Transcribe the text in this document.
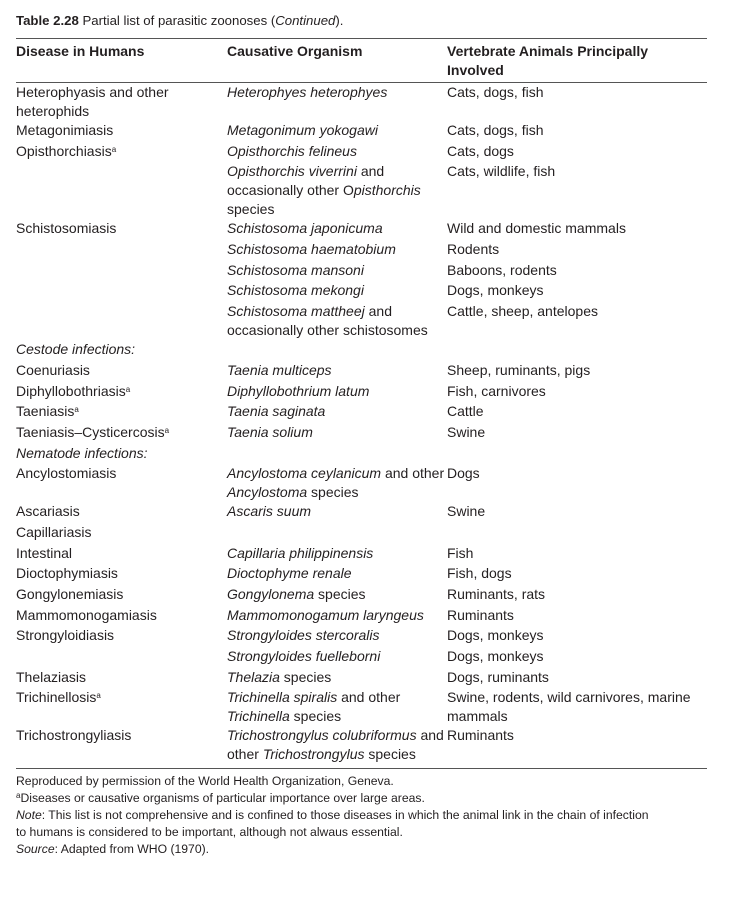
Table 2.28 Partial list of parasitic zoonoses (Continued).
Disease in Humans	Causative Organism	Vertebrate Animals Principally Involved
Heterophyasis and other heterophids	Heterophyes heterophyes	Cats, dogs, fish
Metagonimiasis	Metagonimum yokogawi	Cats, dogs, fish
Opisthorchiasis$^a$	Opisthorchis felineus	Cats, dogs
	Opisthorchis viverrini and occasionally other Opisthorchis species	Cats, wildlife, fish
Schistosomiasis	Schistosoma japonicuma	Wild and domestic mammals
	Schistosoma haematobium	Rodents
	Schistosoma mansoni	Baboons, rodents
	Schistosoma mekongi	Dogs, monkeys
	Schistosoma mattheej and occasionally other schistosomes	Cattle, sheep, antelopes
Cestode infections:		
Coenuriasis	Taenia multiceps	Sheep, ruminants, pigs
Diphyllobothriasis$^a$	Diphyllobothrium latum	Fish, carnivores
Taeniasis$^a$	Taenia saginata	Cattle
Taeniasis–Cysticercosis$^a$	Taenia solium	Swine
Nematode infections:		
Ancylostomiasis	Ancylostoma ceylanicum and other Ancylostoma species	Dogs
Ascariasis	Ascaris suum	Swine
Capillariasis		
Intestinal	Capillaria philippinensis	Fish
Dioctophymiasis	Dioctophyme renale	Fish, dogs
Gongylonemiasis	Gongylonema species	Ruminants, rats
Mammomonogamiasis	Mammomonogamum laryngeus	Ruminants
Strongyloidiasis	Strongyloides stercoralis	Dogs, monkeys
	Strongyloides fuelleborni	Dogs, monkeys
Thelaziasis	Thelazia species	Dogs, ruminants
Trichinellosis$^a$	Trichinella spiralis and other Trichinella species	Swine, rodents, wild carnivores, marine mammals
Trichostrongyliasis	Trichostrongylus colubriformus and other Trichostrongylus species	Ruminants
Reproduced by permission of the World Health Organization, Geneva.
$^a$Diseases or causative organisms of particular importance over large areas.
Note: This list is not comprehensive and is confined to those diseases in which the animal link in the chain of infection
to humans is considered to be important, although not alwaus essential.
Source: Adapted from WHO (1970).
